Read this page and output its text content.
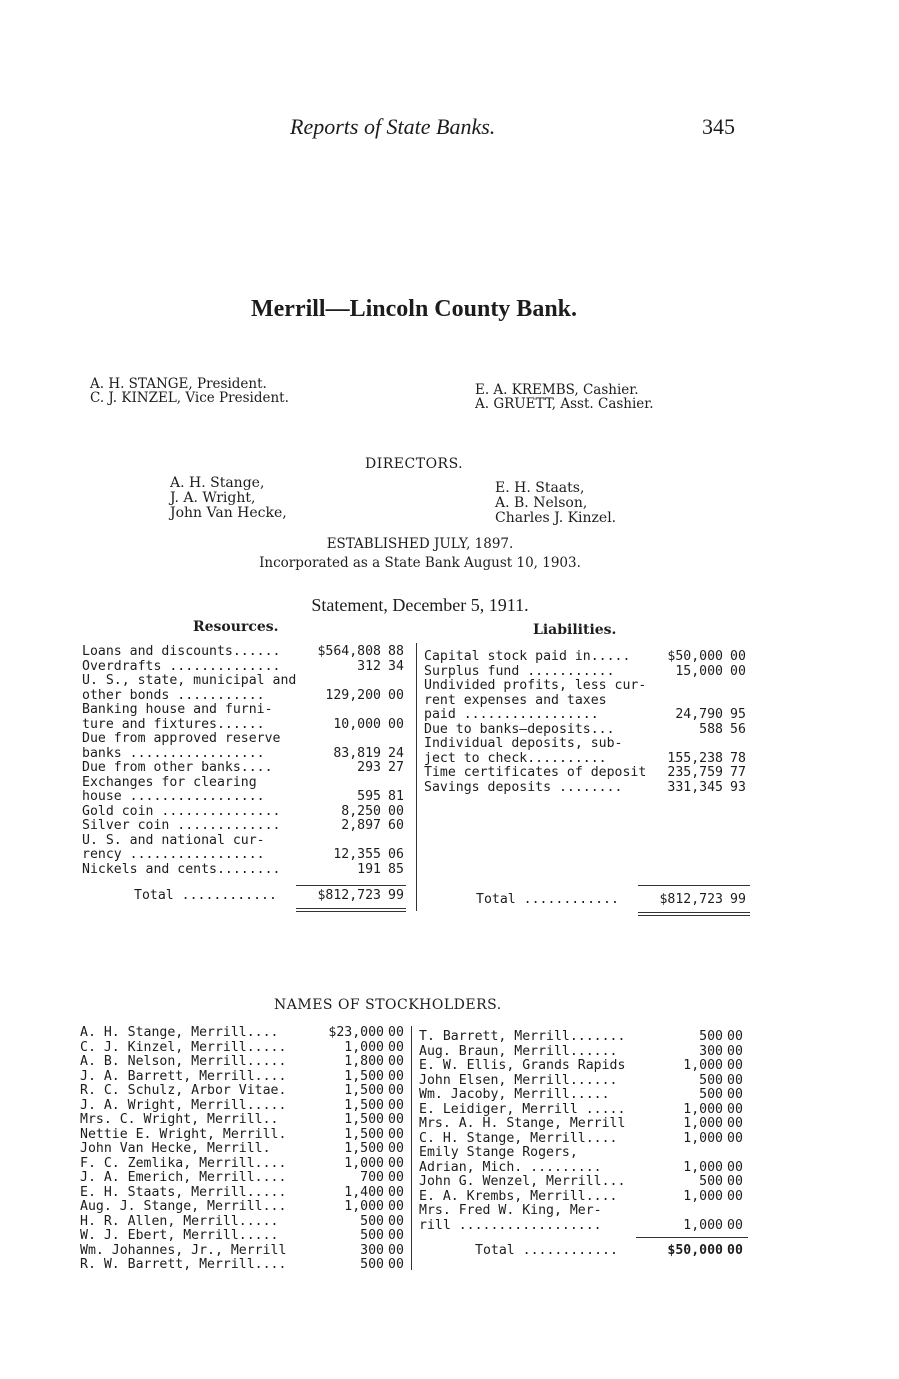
Reports of State Banks.	345
Merrill—Lincoln County Bank.
A. H. STANGE, President.
C. J. KINZEL, Vice President.	E. A. KREMBS, Cashier.
A. GRUETT, Asst. Cashier.
DIRECTORS.
A. H. Stange,
J. A. Wright,
John Van Hecke,
E. H. Staats,
A. B. Nelson,
Charles J. Kinzel.
ESTABLISHED JULY, 1897.
Incorporated as a State Bank August 10, 1903.
Statement, December 5, 1911.
Resources.	Liabilities.
Loans and discounts......	$564,808 88
Overdrafts ..............	312 34
U. S., state, municipal and
other bonds ...........	129,200 00
Banking house and furni-
ture and fixtures......	10,000 00
Due from approved reserve
banks .................	83,819 24
Due from other banks....	293 27
Exchanges for clearing
house .................	595 81
Gold coin ...............	8,250 00
Silver coin .............	2,897 60
U. S. and national cur-
rency .................	12,355 06
Nickels and cents........	191 85
Capital stock paid in.....	$50,000 00
Surplus fund ...........	15,000 00
Undivided profits, less cur-
rent expenses and taxes
paid .................	24,790 95
Due to banks—deposits...	588 56
Individual deposits, sub-
ject to check..........	155,238 78
Time certificates of deposit	235,759 77
Savings deposits ........	331,345 93
Total ............	$812,723 99	Total ............	$812,723 99
NAMES OF STOCKHOLDERS.
A. H. Stange, Merrill....	$23,000 00
C. J. Kinzel, Merrill.....	1,000 00
A. B. Nelson, Merrill.....	1,800 00
J. A. Barrett, Merrill....	1,500 00
R. C. Schulz, Arbor Vitae.	1,500 00
J. A. Wright, Merrill.....	1,500 00
Mrs. C. Wright, Merrill..	1,500 00
Nettie E. Wright, Merrill.	1,500 00
John Van Hecke, Merrill.	1,500 00
F. C. Zemlika, Merrill....	1,000 00
J. A. Emerich, Merrill....	700 00
E. H. Staats, Merrill.....	1,400 00
Aug. J. Stange, Merrill...	1,000 00
H. R. Allen, Merrill.....	500 00
W. J. Ebert, Merrill.....	500 00
Wm. Johannes, Jr., Merrill	300 00
R. W. Barrett, Merrill....	500 00
T. Barrett, Merrill.......	500 00
Aug. Braun, Merrill......	300 00
E. W. Ellis, Grands Rapids	1,000 00
John Elsen, Merrill......	500 00
Wm. Jacoby, Merrill.....	500 00
E. Leidiger, Merrill .....	1,000 00
Mrs. A. H. Stange, Merrill	1,000 00
C. H. Stange, Merrill....	1,000 00
Emily Stange Rogers,
Adrian, Mich. .........	1,000 00
John G. Wenzel, Merrill...	500 00
E. A. Krembs, Merrill....	1,000 00
Mrs. Fred W. King, Mer-
rill ..................	1,000 00
Total ............	$50,000 00
